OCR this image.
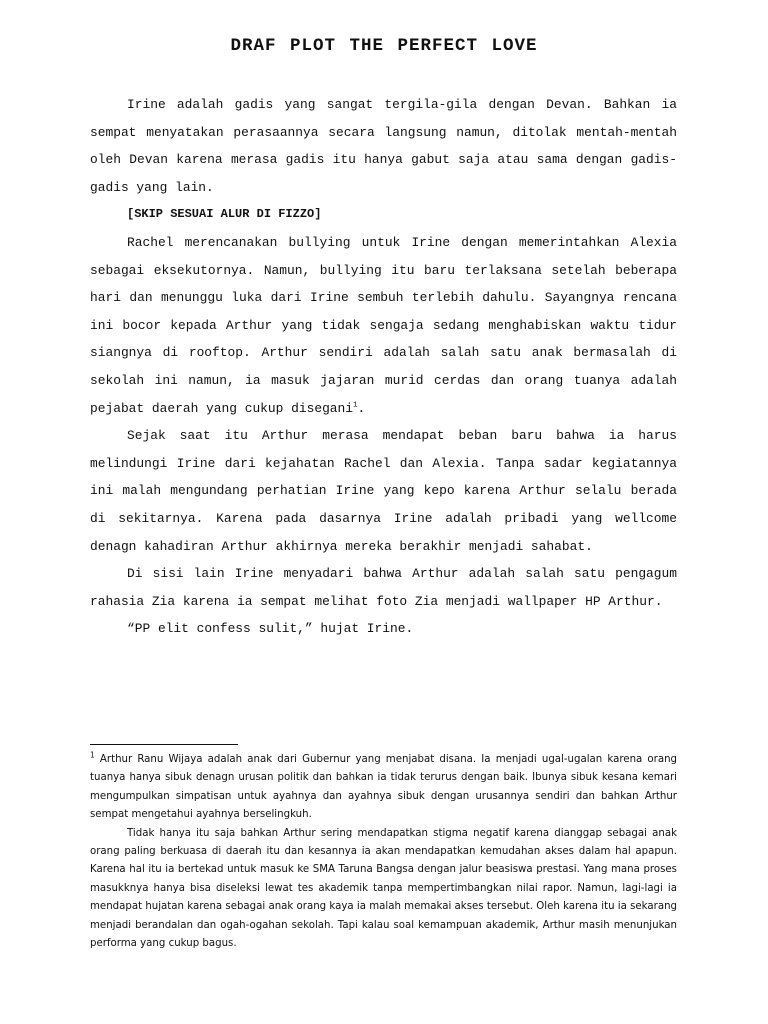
DRAF PLOT THE PERFECT LOVE

Irine adalah gadis yang sangat tergila-gila dengan Devan. Bahkan ia sempat menyatakan perasaannya secara langsung namun, ditolak mentah-mentah oleh Devan karena merasa gadis itu hanya gabut saja atau sama dengan gadis-gadis yang lain.

[SKIP SESUAI ALUR DI FIZZO]

Rachel merencanakan bullying untuk Irine dengan memerintahkan Alexia sebagai eksekutornya. Namun, bullying itu baru terlaksana setelah beberapa hari dan menunggu luka dari Irine sembuh terlebih dahulu. Sayangnya rencana ini bocor kepada Arthur yang tidak sengaja sedang menghabiskan waktu tidur siangnya di rooftop. Arthur sendiri adalah salah satu anak bermasalah di sekolah ini namun, ia masuk jajaran murid cerdas dan orang tuanya adalah pejabat daerah yang cukup disegani$^1$.

Sejak saat itu Arthur merasa mendapat beban baru bahwa ia harus melindungi Irine dari kejahatan Rachel dan Alexia. Tanpa sadar kegiatannya ini malah mengundang perhatian Irine yang kepo karena Arthur selalu berada di sekitarnya. Karena pada dasarnya Irine adalah pribadi yang wellcome denagn kahadiran Arthur akhirnya mereka berakhir menjadi sahabat.

Di sisi lain Irine menyadari bahwa Arthur adalah salah satu pengagum rahasia Zia karena ia sempat melihat foto Zia menjadi wallpaper HP Arthur.

“PP elit confess sulit,” hujat Irine.

$^1$ Arthur Ranu Wijaya adalah anak dari Gubernur yang menjabat disana. Ia menjadi ugal-ugalan karena orang tuanya hanya sibuk denagn urusan politik dan bahkan ia tidak terurus dengan baik. Ibunya sibuk kesana kemari mengumpulkan simpatisan untuk ayahnya dan ayahnya sibuk dengan urusannya sendiri dan bahkan Arthur sempat mengetahui ayahnya berselingkuh.

Tidak hanya itu saja bahkan Arthur sering mendapatkan stigma negatif karena dianggap sebagai anak orang paling berkuasa di daerah itu dan kesannya ia akan mendapatkan kemudahan akses dalam hal apapun. Karena hal itu ia bertekad untuk masuk ke SMA Taruna Bangsa dengan jalur beasiswa prestasi. Yang mana proses masukknya hanya bisa diseleksi lewat tes akademik tanpa mempertimbangkan nilai rapor. Namun, lagi-lagi ia mendapat hujatan karena sebagai anak orang kaya ia malah memakai akses tersebut. Oleh karena itu ia sekarang menjadi berandalan dan ogah-ogahan sekolah. Tapi kalau soal kemampuan akademik, Arthur masih menunjukan performa yang cukup bagus.
